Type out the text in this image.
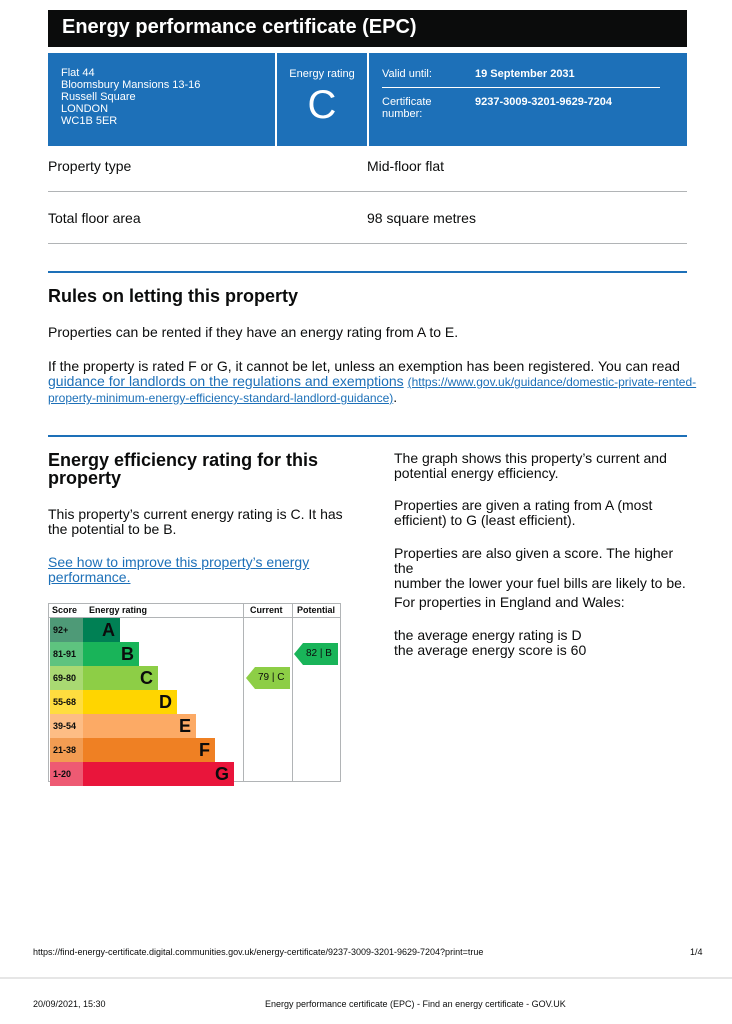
Energy performance certificate (EPC)
Flat 44
Bloomsbury Mansions 13-16
Russell Square
LONDON
WC1B 5ER
Energy rating
C
Valid until:	19 September 2031
Certificate
number:
9237-3009-3201-9629-7204
Property type	Mid-floor flat
Total floor area	98 square metres
Rules on letting this property
Properties can be rented if they have an energy rating from A to E.
If the property is rated F or G, it cannot be let, unless an exemption has been registered. You can read
guidance for landlords on the regulations and exemptions (https://www.gov.uk/guidance/domestic-private-rented-
property-minimum-energy-efficiency-standard-landlord-guidance).
Energy efficiency rating for this
property
This property’s current energy rating is C. It has
the potential to be B.
See how to improve this property’s energy
performance.
The graph shows this property’s current and
potential energy efficiency.
Properties are given a rating from A (most
efficient) to G (least efficient).
Properties are also given a score. The higher the
number the lower your fuel bills are likely to be.
For properties in England and Wales:
the average energy rating is D
the average energy score is 60
Score Energy rating	Current Potential
92+	A
81-91	B
69-80	C
55-68	D
39-54	E
21-38	F
1-20	G
79 | C
82 | B
https://find-energy-certificate.digital.communities.gov.uk/energy-certificate/9237-3009-3201-9629-7204?print=true	1/4
20/09/2021, 15:30	Energy performance certificate (EPC) - Find an energy certificate - GOV.UK
